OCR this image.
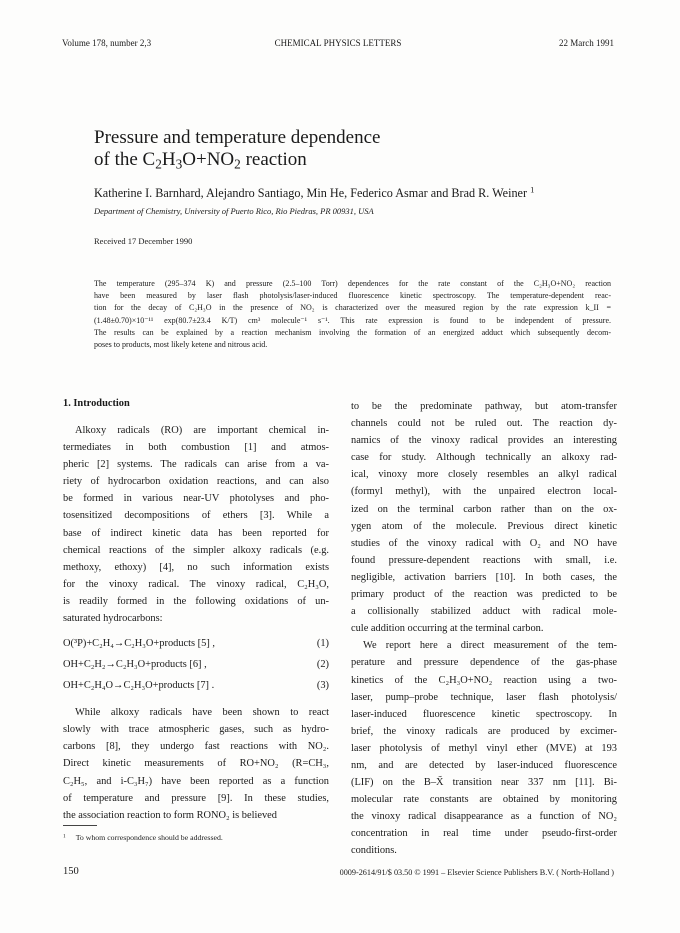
Volume 178, number 2,3	CHEMICAL PHYSICS LETTERS	22 March 1991
Pressure and temperature dependence
of the $C_2H_3O+NO_2$ reaction
Katherine I. Barnhard, Alejandro Santiago, Min He, Federico Asmar and Brad R. Weiner $^1$
Department of Chemistry, University of Puerto Rico, Rio Piedras, PR 00931, USA
Received 17 December 1990
The temperature (295–374 K) and pressure (2.5–100 Torr) dependences for the rate constant of the C₂H₃O+NO₂ reaction
have been measured by laser flash photolysis/laser-induced fluorescence kinetic spectroscopy. The temperature-dependent reac-
tion for the decay of C₂H₃O in the presence of NO₂ is characterized over the measured region by the rate expression k_II =
(1.48±0.70)×10⁻¹¹ exp(80.7±23.4 K/T) cm³ molecule⁻¹ s⁻¹. This rate expression is found to be independent of pressure.
The results can be explained by a reaction mechanism involving the formation of an energized adduct which subsequently decom-
poses to products, most likely ketene and nitrous acid.
1. Introduction
Alkoxy radicals (RO) are important chemical in-
termediates in both combustion [1] and atmos-
pheric [2] systems. The radicals can arise from a va-
riety of hydrocarbon oxidation reactions, and can also
be formed in various near-UV photolyses and pho-
tosensitized decompositions of ethers [3]. While a
base of indirect kinetic data has been reported for
chemical reactions of the simpler alkoxy radicals (e.g.
methoxy, ethoxy) [4], no such information exists
for the vinoxy radical. The vinoxy radical, C₂H₃O,
is readily formed in the following oxidations of un-
saturated hydrocarbons:
O(³P)+C₂H₄→C₂H₃O+products [5] ,	(1)
OH+C₂H₂→C₂H₃O+products [6] ,	(2)
OH+C₂H₄O→C₂H₃O+products [7] .	(3)
While alkoxy radicals have been shown to react
slowly with trace atmospheric gases, such as hydro-
carbons [8], they undergo fast reactions with NO₂.
Direct kinetic measurements of RO+NO₂ (R=CH₃,
C₂H₅, and i-C₃H₇) have been reported as a function
of temperature and pressure [9]. In these studies,
the association reaction to form RONO₂ is believed
to be the predominate pathway, but atom-transfer
channels could not be ruled out. The reaction dy-
namics of the vinoxy radical provides an interesting
case for study. Although technically an alkoxy rad-
ical, vinoxy more closely resembles an alkyl radical
(formyl methyl), with the unpaired electron local-
ized on the terminal carbon rather than on the ox-
ygen atom of the molecule. Previous direct kinetic
studies of the vinoxy radical with O₂ and NO have
found pressure-dependent reactions with small, i.e.
negligible, activation barriers [10]. In both cases, the
primary product of the reaction was predicted to be
a collisionally stabilized adduct with radical mole-
cule addition occurring at the terminal carbon.
We report here a direct measurement of the tem-
perature and pressure dependence of the gas-phase
kinetics of the C₂H₃O+NO₂ reaction using a two-
laser, pump–probe technique, laser flash photolysis/
laser-induced fluorescence kinetic spectroscopy. In
brief, the vinoxy radicals are produced by excimer-
laser photolysis of methyl vinyl ether (MVE) at 193
nm, and are detected by laser-induced fluorescence
(LIF) on the B–X̃ transition near 337 nm [11]. Bi-
molecular rate constants are obtained by monitoring
the vinoxy radical disappearance as a function of NO₂
concentration in real time under pseudo-first-order
conditions.
$^1$ To whom correspondence should be addressed.
150	0009-2614/91/$ 03.50 © 1991 – Elsevier Science Publishers B.V. ( North-Holland )
